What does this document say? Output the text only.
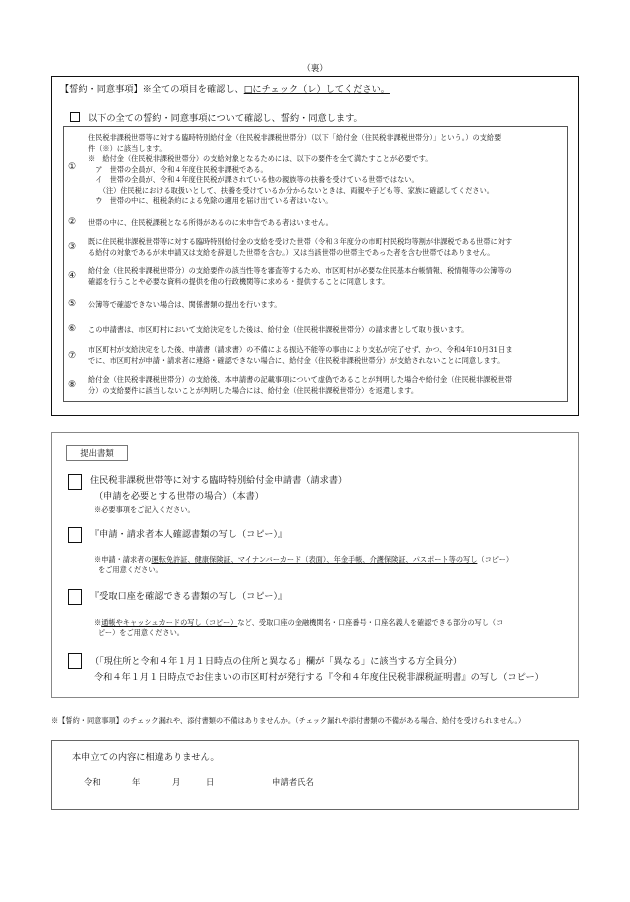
（裏）
【誓約・同意事項】※全ての項目を確認し、□にチェック（レ）してください。
以下の全ての誓約・同意事項について確認し、誓約・同意します。
①
住民税非課税世帯等に対する臨時特別給付金（住民税非課税世帯分）（以下「給付金（住民税非課税世帯分）」という。）の支給要
件（※）に該当します。
※　給付金（住民税非課税世帯分）の支給対象となるためには、以下の要件を全て満たすことが必要です。
　ア　世帯の全員が、令和４年度住民税非課税である。
　イ　世帯の全員が、令和４年度住民税が課されている他の親族等の扶養を受けている世帯ではない。
　　（注）住民税における取扱いとして、扶養を受けているか分からないときは、両親や子ども等、家族に確認してください。
　ウ　世帯の中に、租税条約による免除の適用を届け出ている者はいない。
② 世帯の中に、住民税課税となる所得があるのに未申告である者はいません。
③
既に住民税非課税世帯等に対する臨時特別給付金の支給を受けた世帯（令和３年度分の市町村民税均等割が非課税である世帯に対す
る給付の対象であるが未申請又は支給を辞退した世帯を含む。）又は当該世帯の世帯主であった者を含む世帯ではありません。
④
給付金（住民税非課税世帯分）の支給要件の該当性等を審査等するため、市区町村が必要な住民基本台帳情報、税情報等の公簿等の
確認を行うことや必要な資料の提供を他の行政機関等に求める・提供することに同意します。
⑤ 公簿等で確認できない場合は、関係書類の提出を行います。
⑥ この申請書は、市区町村において支給決定をした後は、給付金（住民税非課税世帯分）の請求書として取り扱います。
⑦
市区町村が支給決定をした後、申請書（請求書）の不備による振込不能等の事由により支払が完了せず、かつ、令和4年10月31日ま
でに、市区町村が申請・請求者に連絡・確認できない場合に、給付金（住民税非課税世帯分）が支給されないことに同意します。
⑧
給付金（住民税非課税世帯分）の支給後、本申請書の記載事項について虚偽であることが判明した場合や給付金（住民税非課税世帯
分）の支給要件に該当しないことが判明した場合には、給付金（住民税非課税世帯分）を返還します。
提出書類
住民税非課税世帯等に対する臨時特別給付金申請書（請求書）
（申請を必要とする世帯の場合）（本書）
※必要事項をご記入ください。
『申請・請求者本人確認書類の写し（コピー）』
※申請・請求者の運転免許証、健康保険証、マイナンバーカード（表面）、年金手帳、介護保険証、パスポート等の写し（コピー）
をご用意ください。
『受取口座を確認できる書類の写し（コピー）』
※通帳やキャッシュカードの写し（コピー）など、受取口座の金融機関名・口座番号・口座名義人を確認できる部分の写し（コ
ピー）をご用意ください。
（「現住所と令和４年１月１日時点の住所と異なる」欄が「異なる」に該当する方全員分）
令和４年１月１日時点でお住まいの市区町村が発行する『令和４年度住民税非課税証明書』の写し（コピー）
※【誓約・同意事項】のチェック漏れや、添付書類の不備はありませんか。（チェック漏れや添付書類の不備がある場合、給付を受けられません。）
本申立ての内容に相違ありません。
令和	年	月	日	申請者氏名
